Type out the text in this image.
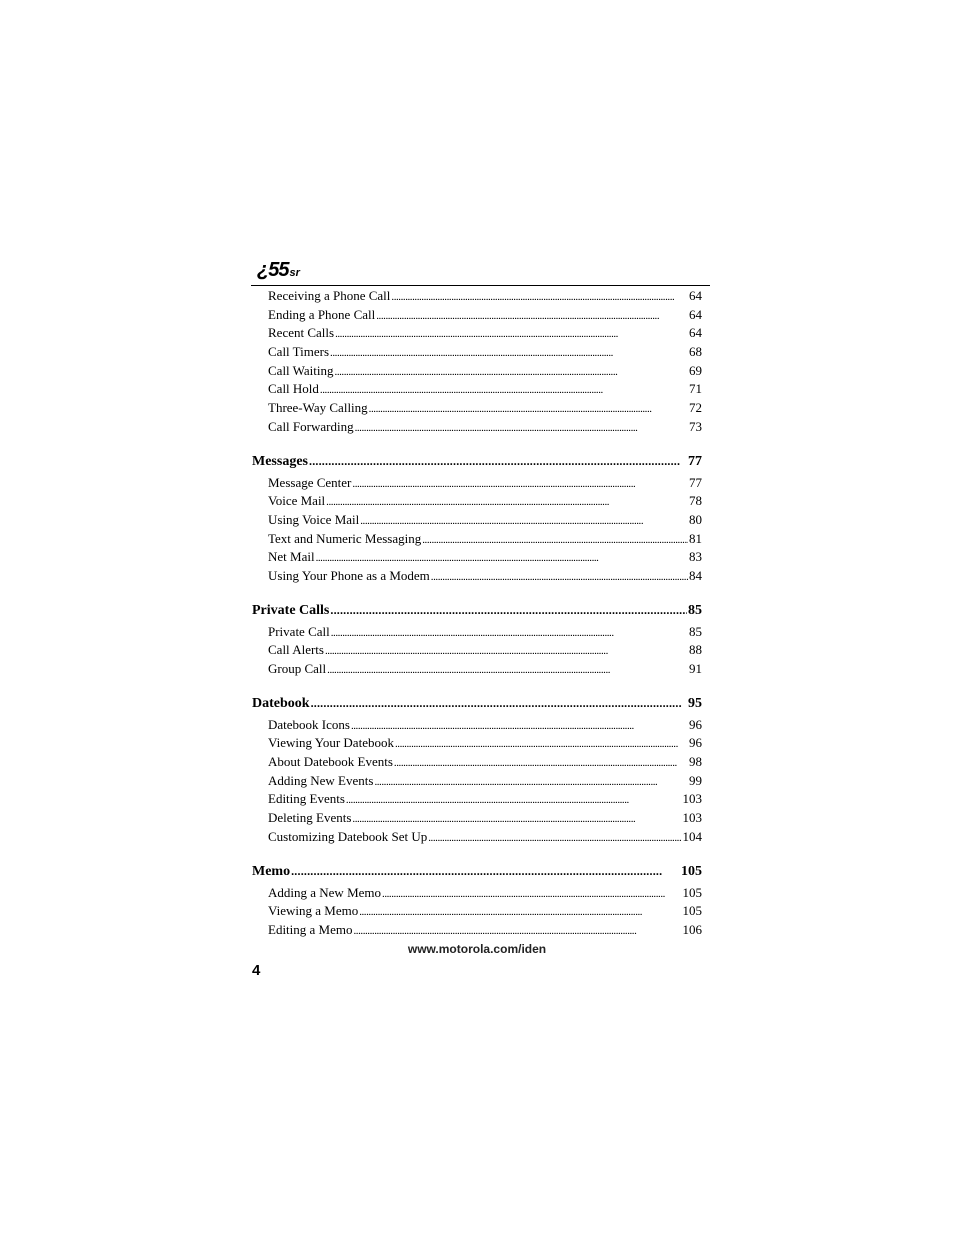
¿55sr
Receiving a Phone Call . . .	64
Ending a Phone Call . . .	64
Recent Calls . . .	64
Call Timers . . .	68
Call Waiting . . .	69
Call Hold . . .	71
Three-Way Calling . . .	72
Call Forwarding . . .	73
Messages . . .	77
Message Center . . .	77
Voice Mail . . .	78
Using Voice Mail . . .	80
Text and Numeric Messaging . . .	81
Net Mail . . .	83
Using Your Phone as a Modem . . .	84
Private Calls . . .	85
Private Call . . .	85
Call Alerts . . .	88
Group Call . . .	91
Datebook . . .	95
Datebook Icons . . .	96
Viewing Your Datebook . . .	96
About Datebook Events . . .	98
Adding New Events . . .	99
Editing Events . . .	103
Deleting Events . . .	103
Customizing Datebook Set Up . . .	104
Memo . . .	105
Adding a New Memo . . .	105
Viewing a Memo . . .	105
Editing a Memo . . .	106
www.motorola.com/iden
4
